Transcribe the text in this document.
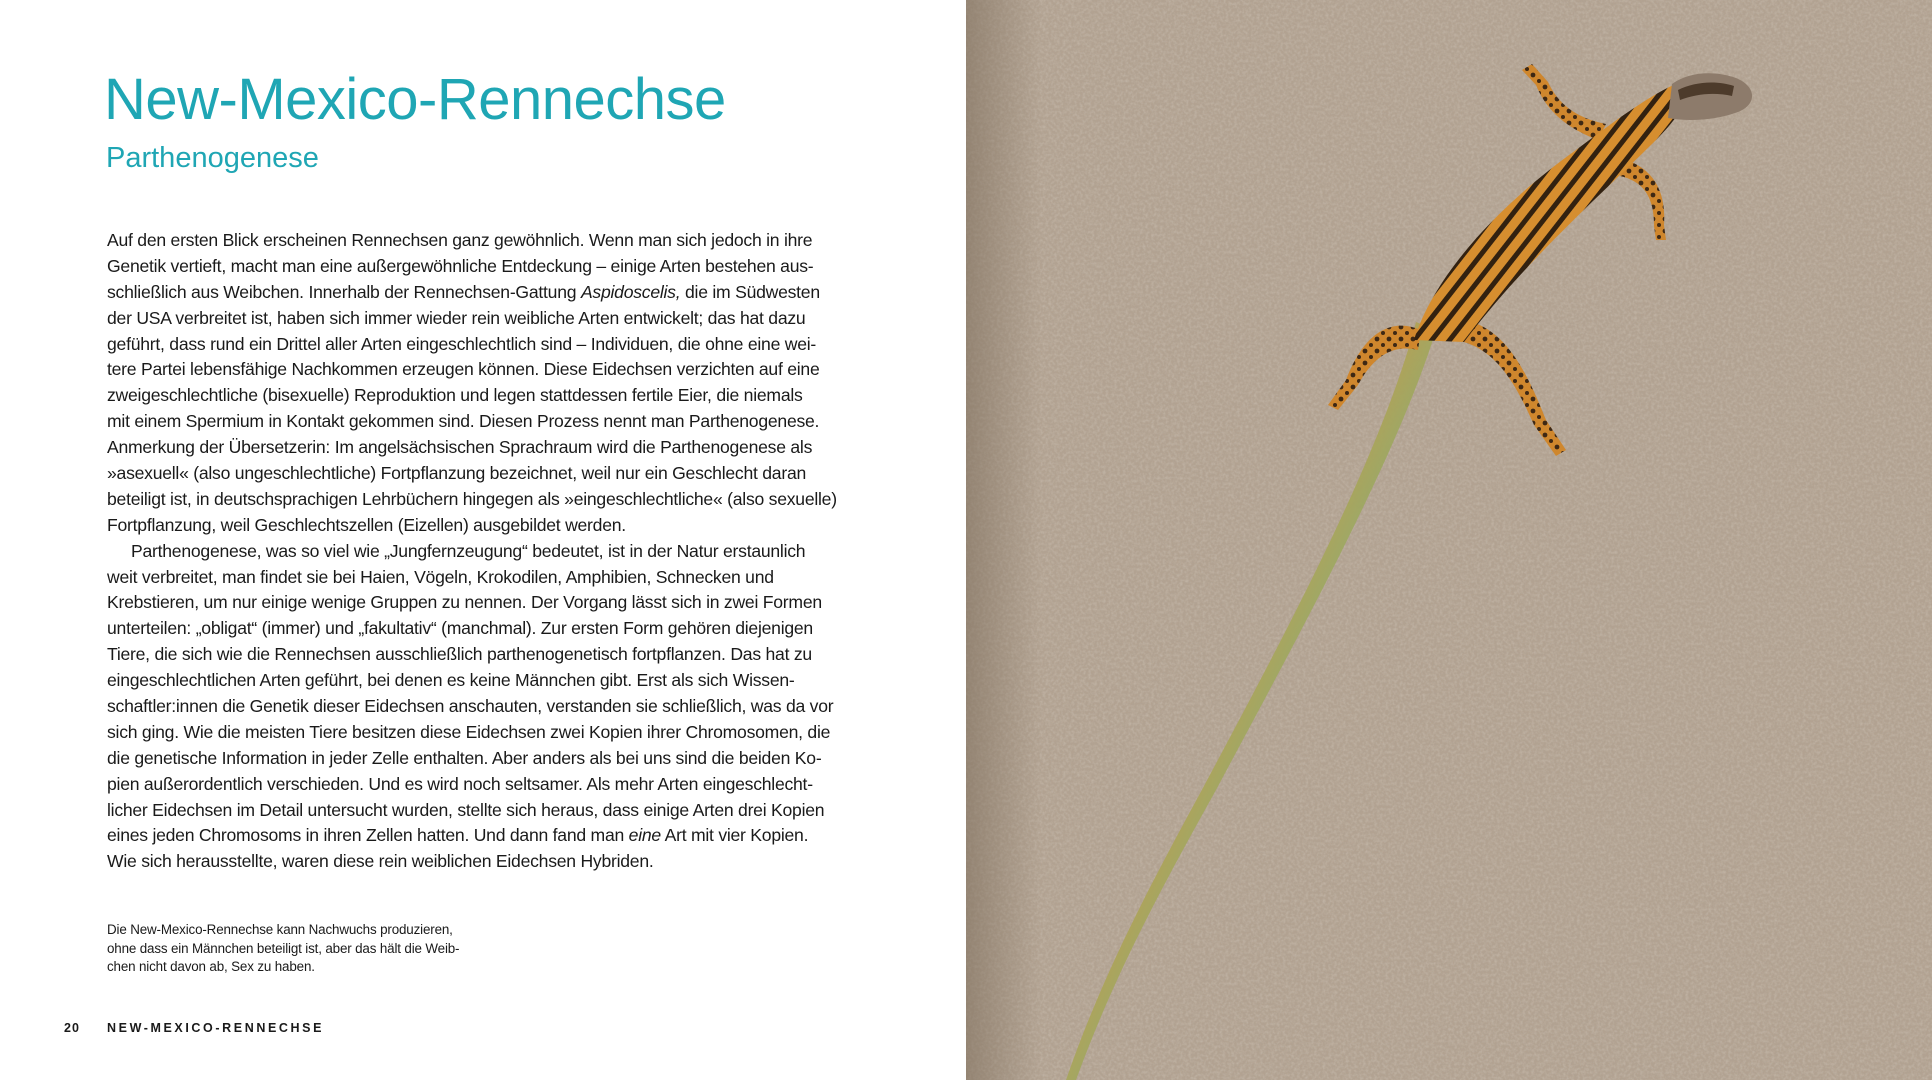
New-Mexico-Rennechse
Parthenogenese
Auf den ersten Blick erscheinen Rennechsen ganz gewöhnlich. Wenn man sich jedoch in ihre
Genetik vertieft, macht man eine außergewöhnliche Entdeckung – einige Arten bestehen aus-
schließlich aus Weibchen. Innerhalb der Rennechsen-Gattung Aspidoscelis, die im Südwesten
der USA verbreitet ist, haben sich immer wieder rein weibliche Arten entwickelt; das hat dazu
geführt, dass rund ein Drittel aller Arten eingeschlechtlich sind – Individuen, die ohne eine wei-
tere Partei lebensfähige Nachkommen erzeugen können. Diese Eidechsen verzichten auf eine
zweigeschlechtliche (bisexuelle) Reproduktion und legen stattdessen fertile Eier, die niemals
mit einem Spermium in Kontakt gekommen sind. Diesen Prozess nennt man Parthenogenese.
Anmerkung der Übersetzerin: Im angelsächsischen Sprachraum wird die Parthenogenese als
»asexuell« (also ungeschlechtliche) Fortpflanzung bezeichnet, weil nur ein Geschlecht daran
beteiligt ist, in deutschsprachigen Lehrbüchern hingegen als »eingeschlechtliche« (also sexuelle)
Fortpflanzung, weil Geschlechtszellen (Eizellen) ausgebildet werden.
Parthenogenese, was so viel wie „Jungfernzeugung“ bedeutet, ist in der Natur erstaunlich
weit verbreitet, man findet sie bei Haien, Vögeln, Krokodilen, Amphibien, Schnecken und
Krebstieren, um nur einige wenige Gruppen zu nennen. Der Vorgang lässt sich in zwei Formen
unterteilen: „obligat“ (immer) und „fakultativ“ (manchmal). Zur ersten Form gehören diejenigen
Tiere, die sich wie die Rennechsen ausschließlich parthenogenetisch fortpflanzen. Das hat zu
eingeschlechtlichen Arten geführt, bei denen es keine Männchen gibt. Erst als sich Wissen-
schaftler:innen die Genetik dieser Eidechsen anschauten, verstanden sie schließlich, was da vor
sich ging. Wie die meisten Tiere besitzen diese Eidechsen zwei Kopien ihrer Chromosomen, die
die genetische Information in jeder Zelle enthalten. Aber anders als bei uns sind die beiden Ko-
pien außerordentlich verschieden. Und es wird noch seltsamer. Als mehr Arten eingeschlecht-
licher Eidechsen im Detail untersucht wurden, stellte sich heraus, dass einige Arten drei Kopien
eines jeden Chromosoms in ihren Zellen hatten. Und dann fand man eine Art mit vier Kopien.
Wie sich herausstellte, waren diese rein weiblichen Eidechsen Hybriden.
Die New-Mexico-Rennechse kann Nachwuchs produzieren,
ohne dass ein Männchen beteiligt ist, aber das hält die Weib-
chen nicht davon ab, Sex zu haben.
20 NEW-MEXICO-RENNECHSE
